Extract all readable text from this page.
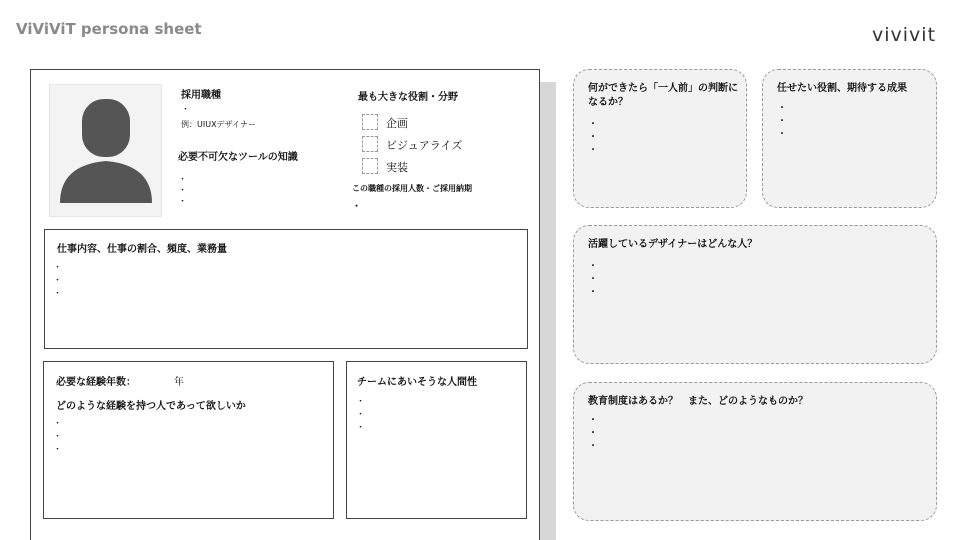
ViViViT persona sheet	vivivit
採用職種
・
例：UIUXデザイナー
必要不可欠なツールの知識
・
・
・
最も大きな役割・分野
企画
ビジュアライズ
実装
この職種の採用人数・ご採用納期
・
仕事内容、仕事の割合、頻度、業務量
・
・
・
必要な経験年数：	年
どのような経験を持つ人であって欲しいか
・
・
・
チームにあいそうな人間性
・
・
・
何ができたら「一人前」の判断になるか？
・
・
・
任せたい役割、期待する成果
・
・
・
活躍しているデザイナーはどんな人？
・
・
・
教育制度はあるか？　また、どのようなものか？
・
・
・
